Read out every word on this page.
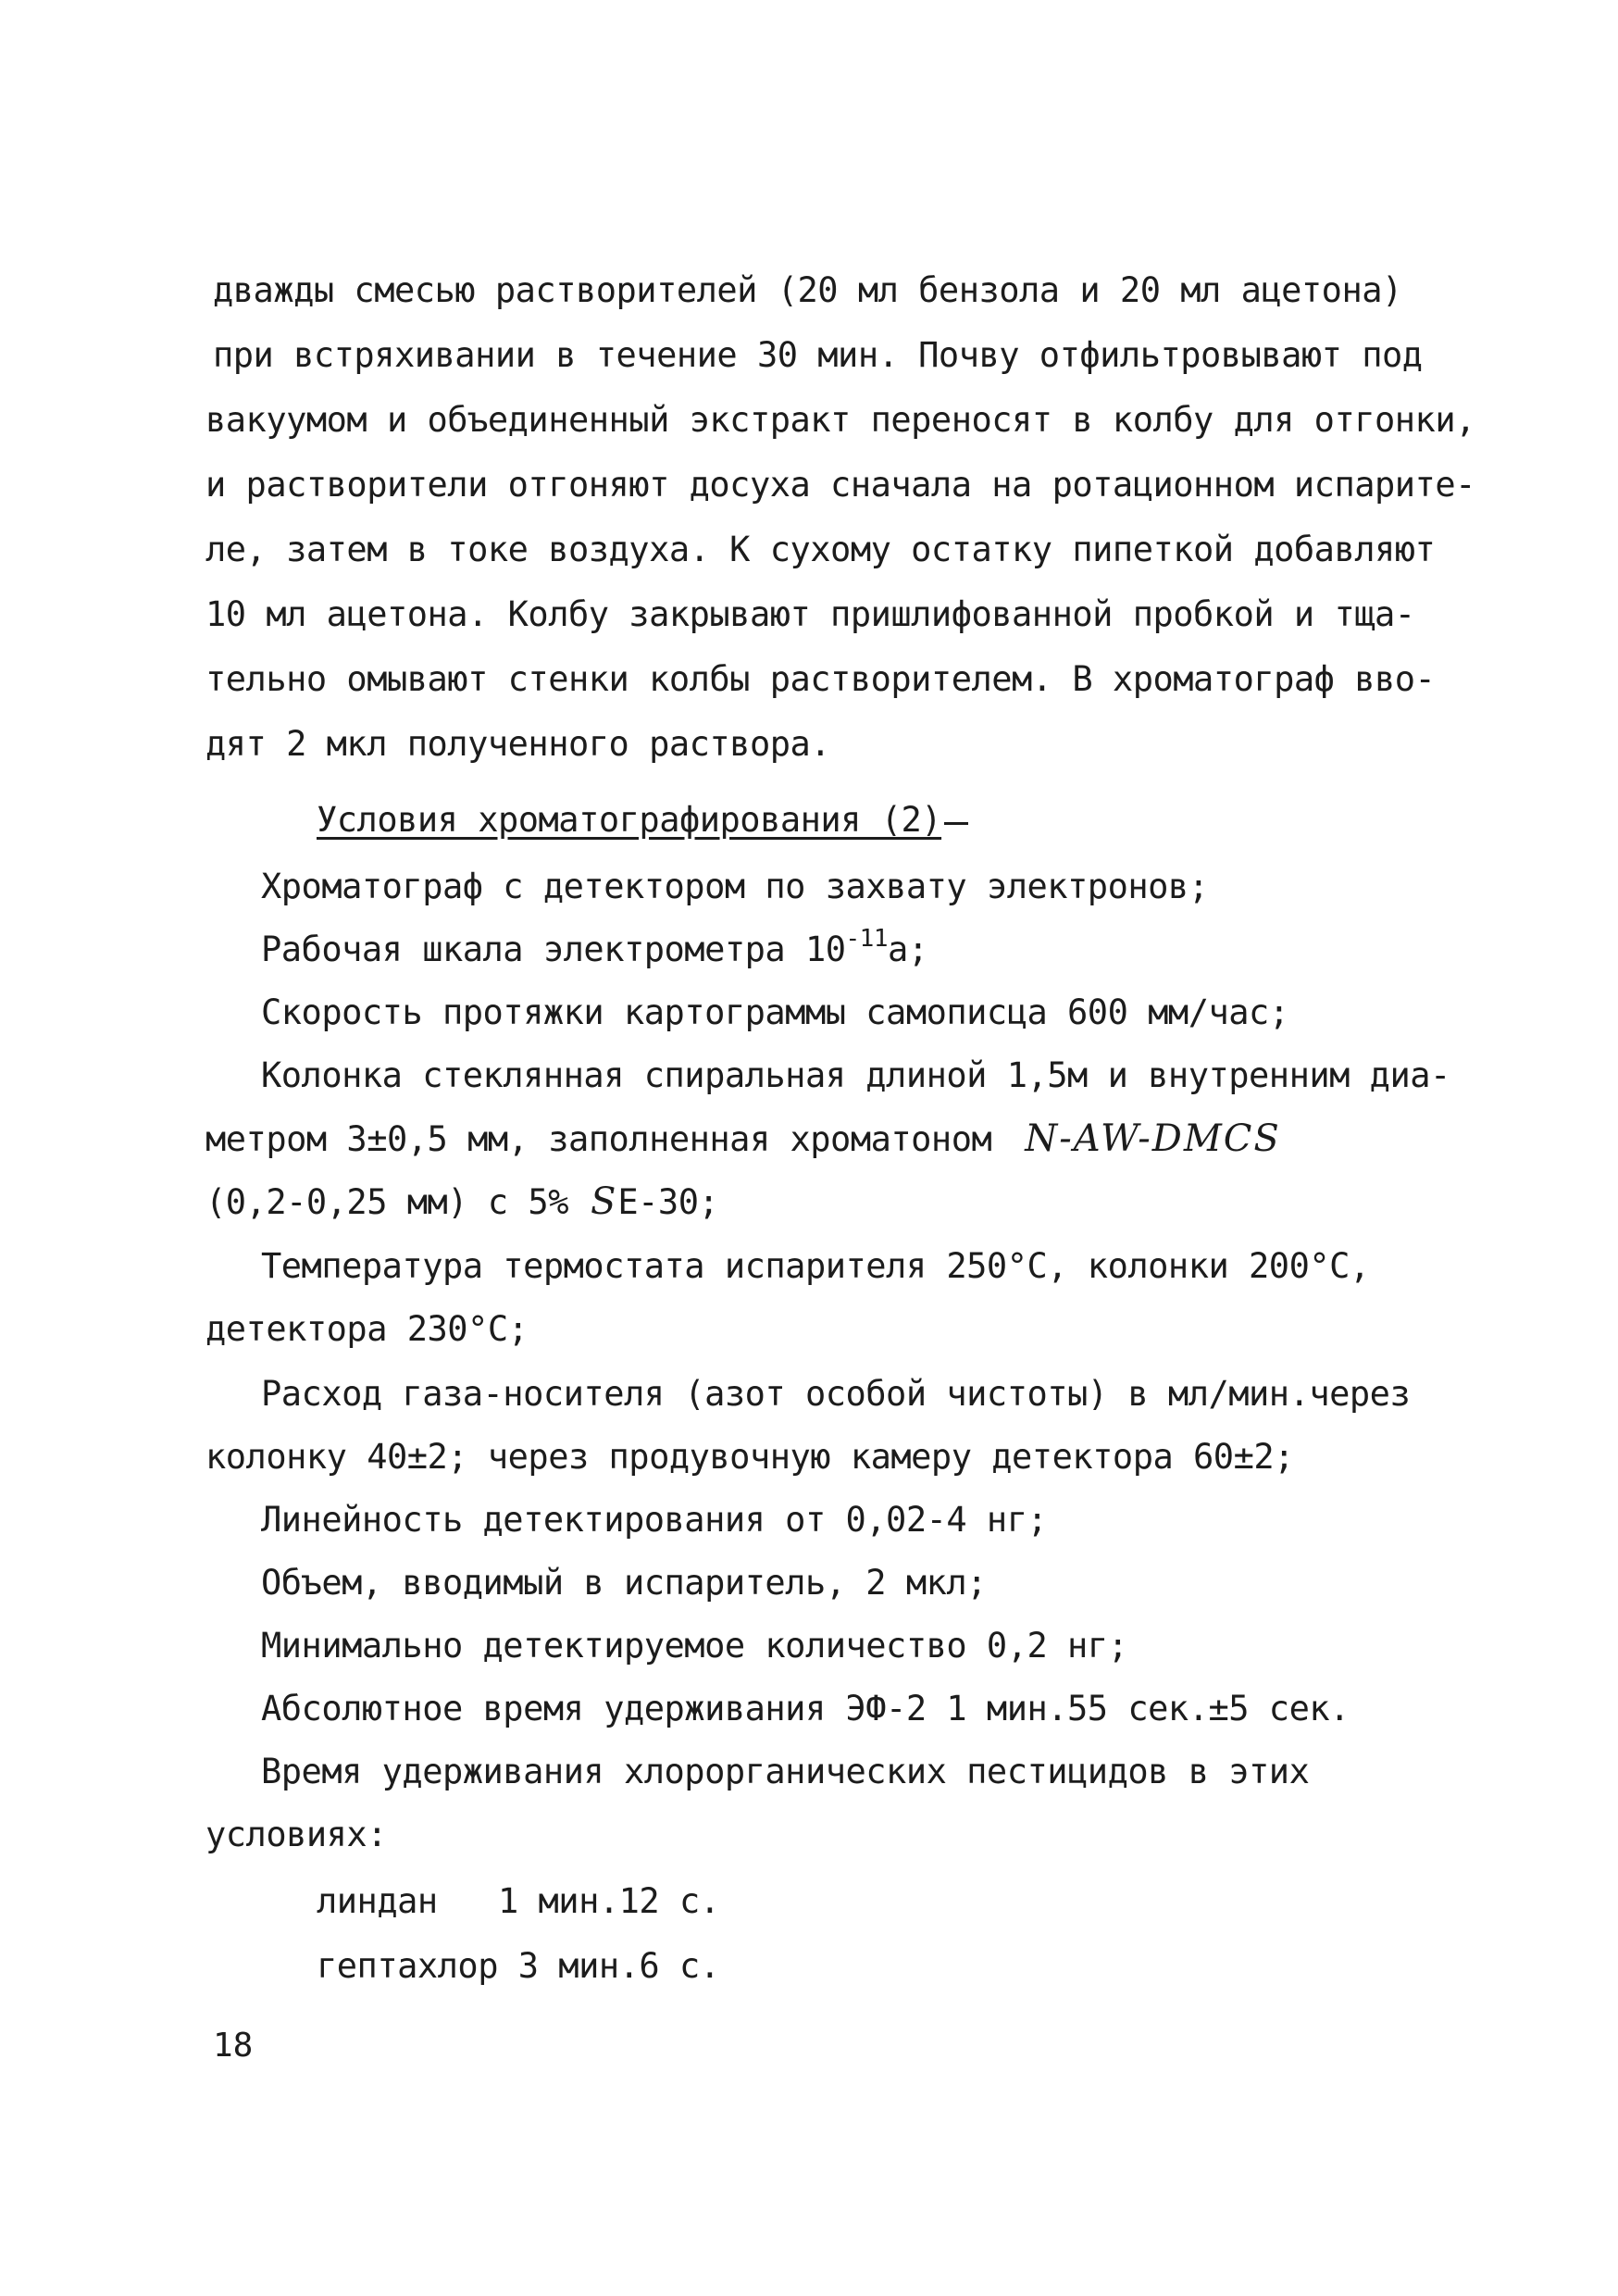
дважды смесью растворителей (20 мл бензола и 20 мл ацетона)
при встряхивании в течение 30 мин. Почву отфильтровывают под
вакуумом и объединенный экстракт переносят в колбу для отгонки,
и растворители отгоняют досуха сначала на ротационном испарите-
ле, затем в токе воздуха. К сухому остатку пипеткой добавляют
10 мл ацетона. Колбу закрывают пришлифованной пробкой и тща-
тельно омывают стенки колбы растворителем. В хроматограф вво-
дят 2 мкл полученного раствора.
Условия хроматографирования (2)
Хроматограф с детектором по захвату электронов;
Рабочая шкала электрометра $10^{-11}а$;
Скорость протяжки картограммы самописца 600 мм/час;
Колонка стеклянная спиральная длиной 1,5м и внутренним диа-
метром 3±0,5 мм, заполненная хроматоном N-AW-DMCS
(0,2-0,25 мм) с 5% SE-30;
Температура термостата испарителя 250°С, колонки 200°С,
детектора 230°С;
Расход газа-носителя (азот особой чистоты) в мл/мин.через
колонку 40±2; через продувочную камеру детектора 60±2;
Линейность детектирования от 0,02-4 нг;
Объем, вводимый в испаритель, 2 мкл;
Минимально детектируемое количество 0,2 нг;
Абсолютное время удерживания ЭФ-2 1 мин.55 сек.±5 сек.
Время удерживания хлорорганических пестицидов в этих
условиях:
линдан   1 мин.12 с.
гептахлор 3 мин.6 с.
18
